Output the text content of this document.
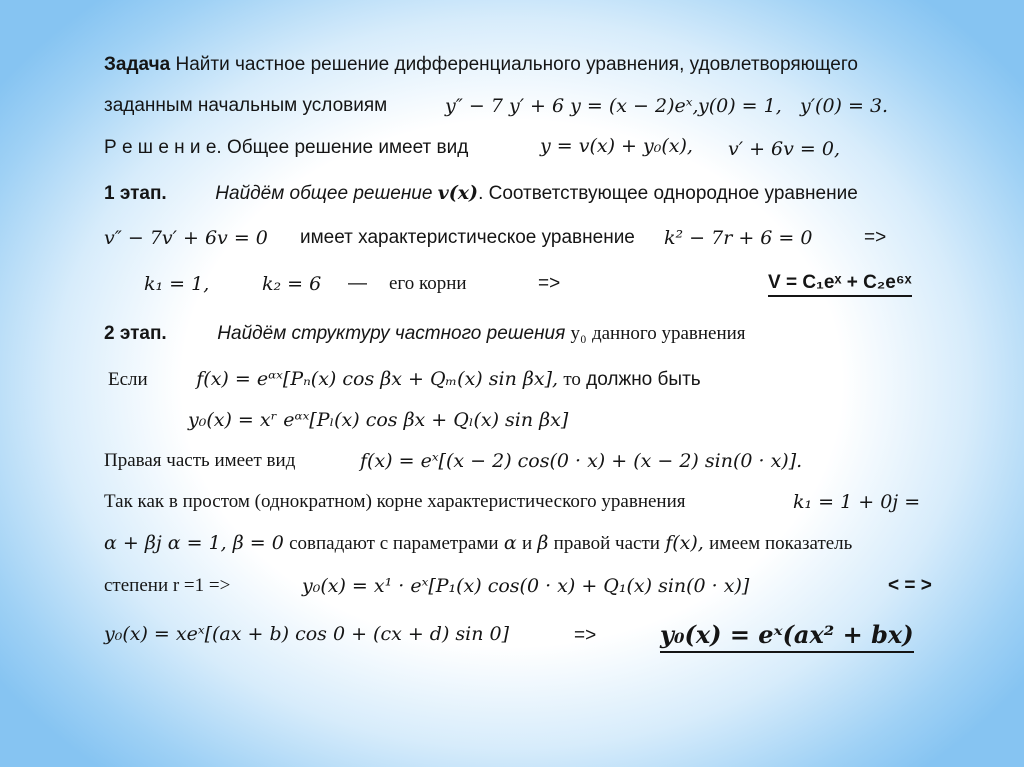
Задача Найти частное решение дифференциального уравнения, удовлетворяющего
заданным начальным условиям	y″ − 7 y′ + 6 y = (x − 2)eˣ, y(0) = 1, y′(0) = 3.
Р е ш е н и е. Общее решение имеет вид	y = v(x) + y₀(x), v′ + 6v = 0,
1 этап.	Найдём общее решение v(x). Соответствующее однородное уравнение
v″ − 7v′ + 6v = 0 имеет характеристическое уравнение k² − 7r + 6 = 0	=>
k₁ = 1,	k₂ = 6 — его корни	=>	V = C₁eˣ + C₂e⁶ˣ
2 этап.	Найдём структуру частного решения y₀ данного уравнения
Если	f(x) = eᵅˣ[Pₙ(x) cos βx + Qₘ(x) sin βx], то должно быть
y₀(x) = xʳ eᵅˣ[Pₗ(x) cos βx + Qₗ(x) sin βx]
Правая часть имеет вид	f(x) = eˣ[(x − 2) cos(0 · x) + (x − 2) sin(0 · x)].
Так как в простом (однократном) корне характеристического уравнения	k₁ = 1 + 0j =
α + βj α = 1, β = 0 совпадают с параметрами α и β правой части f(x), имеем показатель
степени r =1 =>	y₀(x) = x¹ · eˣ[P₁(x) cos(0 · x) + Q₁(x) sin(0 · x)]	< = >
y₀(x) = xeˣ[(ax + b) cos 0 + (cx + d) sin 0]	=>	y₀(x) = eˣ(ax² + bx)
